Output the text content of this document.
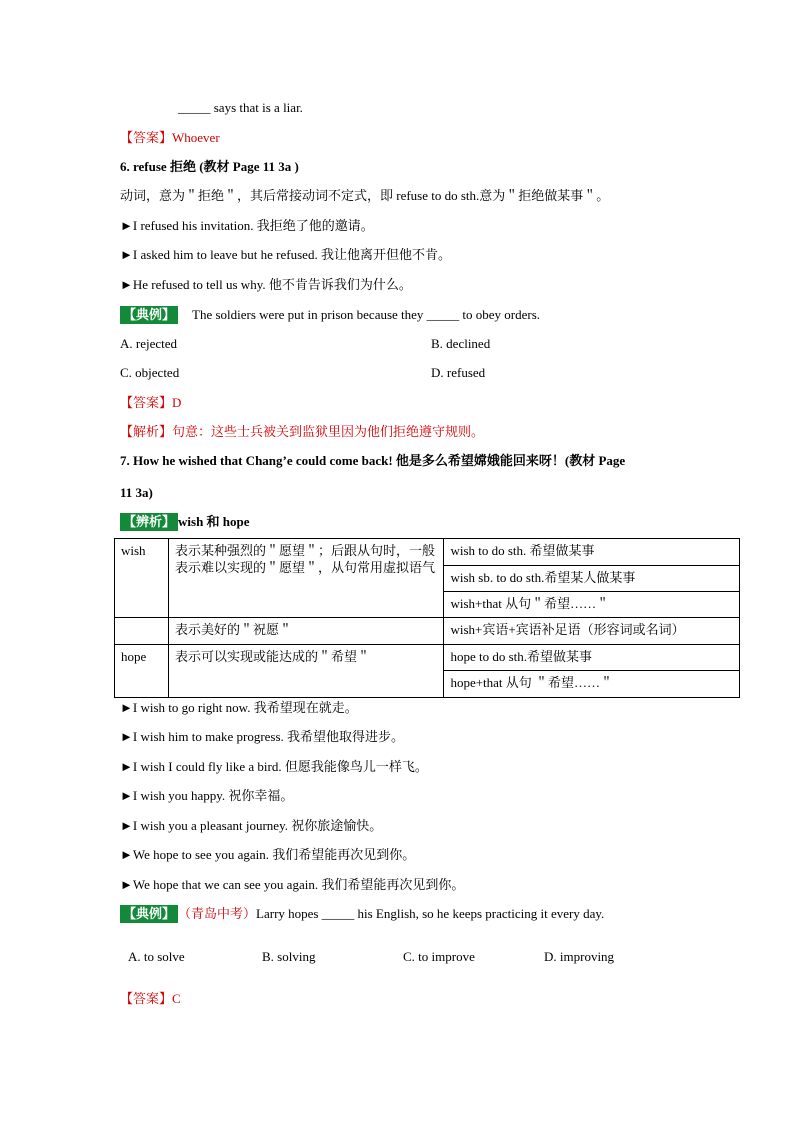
_____ says that is a liar.
【答案】Whoever
6. refuse 拒绝 (教材 Page 11 3a )
动词，意为＂拒绝＂，其后常接动词不定式，即 refuse to do sth.意为＂拒绝做某事＂。
►I refused his invitation. 我拒绝了他的邀请。
►I asked him to leave but he refused. 我让他离开但他不肯。
►He refused to tell us why. 他不肯告诉我们为什么。
【典例】 The soldiers were put in prison because they _____ to obey orders.
A. rejected	B. declined
C. objected	D. refused
【答案】D
【解析】句意：这些士兵被关到监狱里因为他们拒绝遵守规则。
7. How he wished that Chang’e could come back! 他是多么希望嫦娥能回来呀！(教材 Page
11 3a)
【辨析】 wish 和 hope
wish	表示某种强烈的＂愿望＂；后跟从句时，一般表示难以实现的＂愿望＂，从句常用虚拟语气	wish to do sth. 希望做某事
		wish sb. to do sth.希望某人做某事
		wish+that 从句＂希望……＂
	表示美好的＂祝愿＂	wish+宾语+宾语补足语（形容词或名词）
hope	表示可以实现或能达成的＂希望＂	hope to do sth.希望做某事
		hope+that 从句 ＂希望……＂
►I wish to go right now. 我希望现在就走。
►I wish him to make progress. 我希望他取得进步。
►I wish I could fly like a bird. 但愿我能像鸟儿一样飞。
►I wish you happy. 祝你幸福。
►I wish you a pleasant journey. 祝你旅途愉快。
►We hope to see you again. 我们希望能再次见到你。
►We hope that we can see you again. 我们希望能再次见到你。
【典例】 （青岛中考）Larry hopes _____ his English, so he keeps practicing it every day.
A. to solve	B. solving	C. to improve	D. improving
【答案】C
